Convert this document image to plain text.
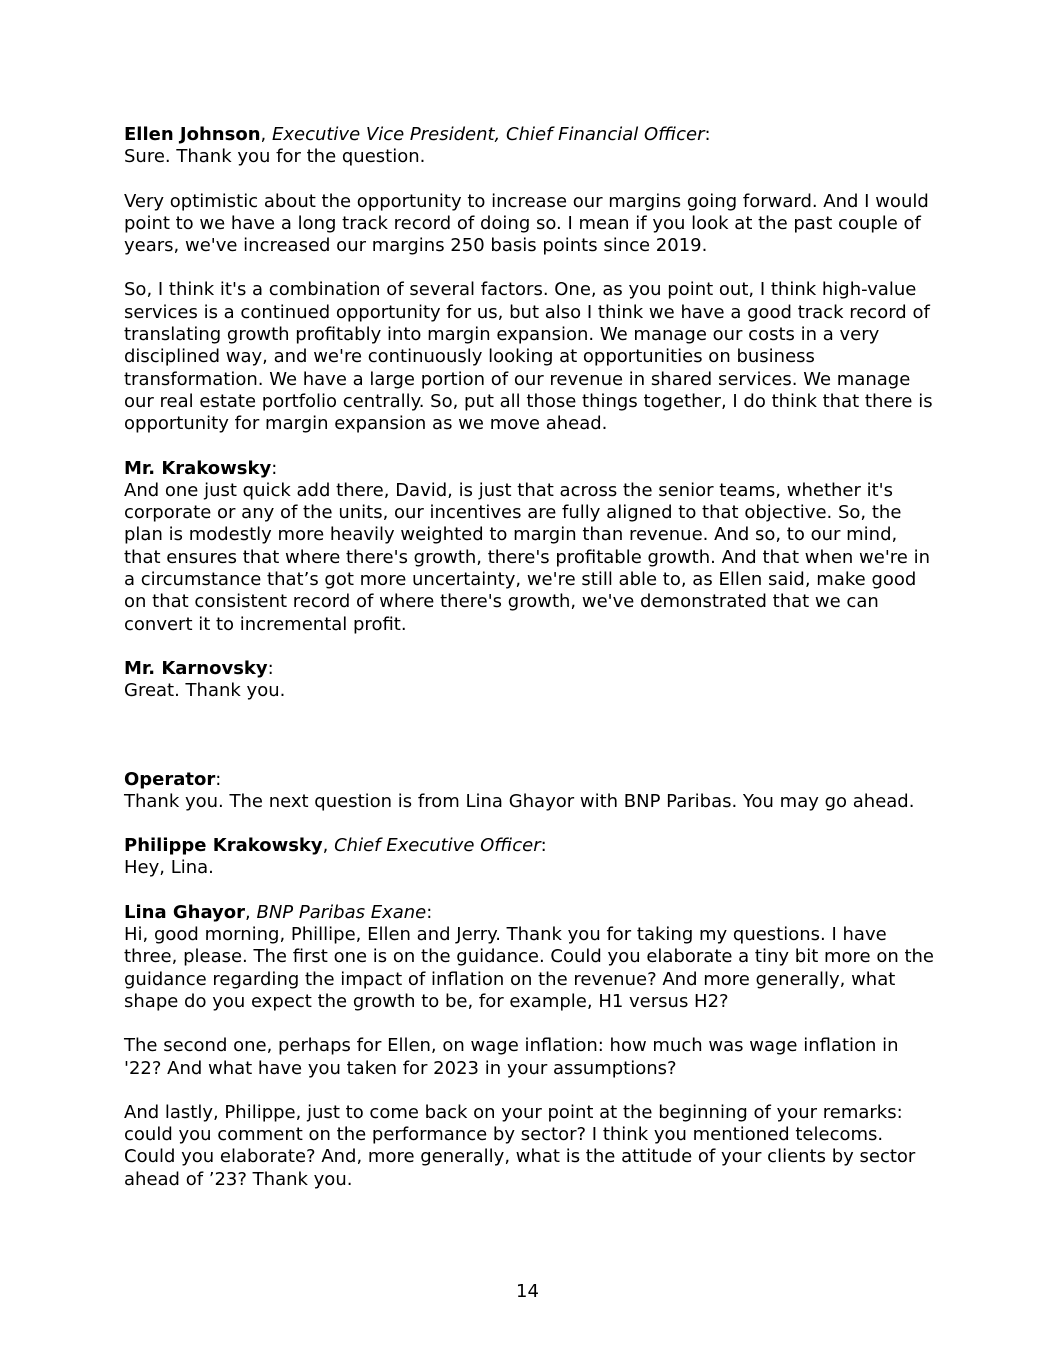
Ellen Johnson, Executive Vice President, Chief Financial Officer:

Sure. Thank you for the question.

Very optimistic about the opportunity to increase our margins going forward. And I would point to we have a long track record of doing so. I mean if you look at the past couple of years, we've increased our margins 250 basis points since 2019.

So, I think it's a combination of several factors. One, as you point out, I think high-value services is a continued opportunity for us, but also I think we have a good track record of translating growth profitably into margin expansion. We manage our costs in a very disciplined way, and we're continuously looking at opportunities on business transformation. We have a large portion of our revenue in shared services. We manage our real estate portfolio centrally. So, put all those things together, I do think that there is opportunity for margin expansion as we move ahead.

Mr. Krakowsky:

And one just quick add there, David, is just that across the senior teams, whether it's corporate or any of the units, our incentives are fully aligned to that objective. So, the plan is modestly more heavily weighted to margin than revenue. And so, to our mind, that ensures that where there's growth, there's profitable growth. And that when we're in a circumstance that’s got more uncertainty, we're still able to, as Ellen said, make good on that consistent record of where there's growth, we've demonstrated that we can convert it to incremental profit.

Mr. Karnovsky:

Great. Thank you.

Operator:

Thank you. The next question is from Lina Ghayor with BNP Paribas. You may go ahead.

Philippe Krakowsky, Chief Executive Officer:

Hey, Lina.

Lina Ghayor, BNP Paribas Exane:

Hi, good morning, Phillipe, Ellen and Jerry. Thank you for taking my questions. I have three, please. The first one is on the guidance. Could you elaborate a tiny bit more on the guidance regarding the impact of inflation on the revenue? And more generally, what shape do you expect the growth to be, for example, H1 versus H2?

The second one, perhaps for Ellen, on wage inflation: how much was wage inflation in '22? And what have you taken for 2023 in your assumptions?

And lastly, Philippe, just to come back on your point at the beginning of your remarks: could you comment on the performance by sector? I think you mentioned telecoms. Could you elaborate? And, more generally, what is the attitude of your clients by sector ahead of ’23? Thank you.

14
